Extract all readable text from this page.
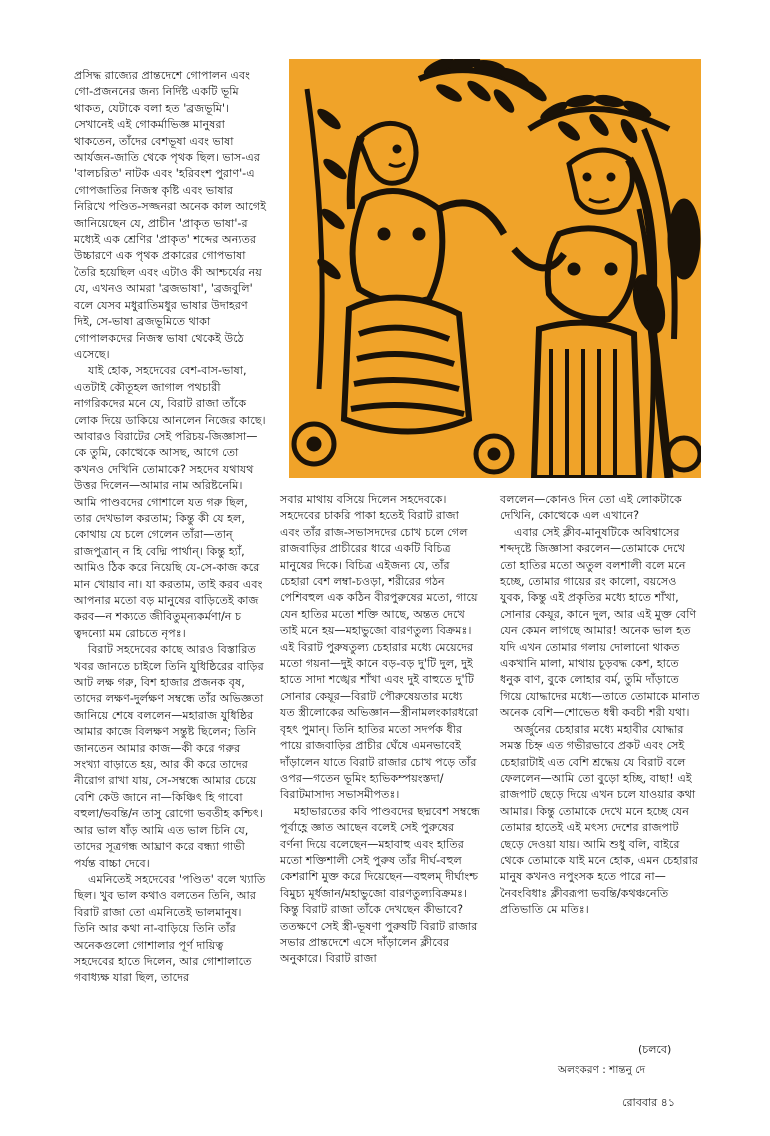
প্রসিদ্ধ রাজ্যের প্রান্তদেশে গোপালন এবং গো-প্রজননের জন্য নির্দিষ্ট একটি ভূমি থাকত, যেটাকে বলা হত 'ব্রজভূমি'। সেখানেই এই গোকর্মাভিজ্ঞ মানুষরা থাকতেন, তাঁদের বেশভূষা এবং ভাষা আর্যজন-জাতি থেকে পৃথক ছিল। ভাস-এর 'বালচরিত' নাটক এবং 'হরিবংশ পুরাণ'-এ গোপজাতির নিজস্ব কৃষ্টি এবং ভাষার নিরিখে পণ্ডিত-সজ্জনরা অনেক কাল আগেই জানিয়েছেন যে, প্রাচীন 'প্রাকৃত ভাষা'-র মধ্যেই এক শ্রেণির 'প্রাকৃত' শব্দের অন্যতর উচ্চারণে এক পৃথক প্রকারের গোপভাষা তৈরি হয়েছিল এবং এটাও কী আশ্চর্যের নয় যে, এখনও আমরা 'ব্রজভাষা', 'ব্রজবুলি' বলে যেসব মধুরাতিমধুর ভাষার উদাহরণ দিই, সে-ভাষা ব্রজভূমিতে থাকা গোপালকদের নিজস্ব ভাষা থেকেই উঠে এসেছে।

যাই হোক, সহদেবের বেশ-বাস-ভাষা, এতটাই কৌতূহল জাগাল পথচারী নাগরিকদের মনে যে, বিরাট রাজা তাঁকে লোক দিয়ে ডাকিয়ে আনলেন নিজের কাছে। আবারও বিরাটের সেই পরিচয়-জিজ্ঞাসা—কে তুমি, কোত্থেকে আসছ, আগে তো কখনও দেখিনি তোমাকে? সহদেব যথাযথ উত্তর দিলেন—আমার নাম অরিষ্টনেমি। আমি পাণ্ডবদের গোশালে যত গরু ছিল, তার দেখভাল করতাম; কিন্তু কী যে হল, কোথায় যে চলে গেলেন তাঁরা—তান্ রাজপুত্রান্ ন হি বেদ্মি পার্থান্। কিন্তু হ্যাঁ, আমিও ঠিক করে নিয়েছি যে-সে-কাজ করে মান খোয়াব না। যা করতাম, তাই করব এবং আপনার মতো বড় মানুষের বাড়িতেই কাজ করব—ন শক্যতে জীবিতুম্‌ন্যকর্মণা/ন চ ত্বদন্যো মম রোচতে নৃপঃ।

বিরাট সহদেবের কাছে আরও বিস্তারিত খবর জানতে চাইলে তিনি যুধিষ্ঠিরের বাড়ির আট লক্ষ গরু, বিশ হাজার প্রজনক বৃষ, তাদের লক্ষণ-দুর্লক্ষণ সম্বন্ধে তাঁর অভিজ্ঞতা জানিয়ে শেষে বললেন—মহারাজ যুধিষ্ঠির আমার কাজে বিলক্ষণ সন্তুষ্ট ছিলেন; তিনি জানতেন আমার কাজ—কী করে গরুর সংখ্যা বাড়াতে হয়, আর কী করে তাদের নীরোগ রাখা যায়, সে-সম্বন্ধে আমার চেয়ে বেশি কেউ জানে না—কিঞ্চিৎ হি গাবো বহুলা/ভবন্তি/ন তাসু রোগো ভবতীহ কশ্চিৎ। আর ভাল ষাঁড় আমি এত ভাল চিনি যে, তাদের সূত্রগন্ধ আঘ্রাণ করে বন্ধ্যা গাভী পর্যন্ত বাচ্চা দেবে।

এমনিতেই সহদেবের 'পণ্ডিত' বলে খ্যাতি ছিল। খুব ভাল কথাও বলতেন তিনি, আর বিরাট রাজা তো এমনিতেই ভালমানুষ। তিনি আর কথা না-বাড়িয়ে তিনি তাঁর অনেকগুলো গোশালার পূর্ণ দায়িত্ব সহদেবের হাতে দিলেন, আর গোশালাতে গবাধ্যক্ষ যারা ছিল, তাদের

সবার মাথায় বসিয়ে দিলেন সহদেবকে। সহদেবের চাকরি পাকা হতেই বিরাট রাজা এবং তাঁর রাজ-সভাসদদের চোখ চলে গেল রাজবাড়ির প্রাচীরের ধারে একটি বিচিত্র মানুষের দিকে। বিচিত্র এইজন্য যে, তাঁর চেহারা বেশ লম্বা-চওড়া, শরীরের গঠন পেশিবহুল এক কঠিন বীরপুরুষের মতো, গায়ে যেন হাতির মতো শক্তি আছে, অন্তত দেখে তাই মনে হয়—মহাভুজো বারণতুল্য বিক্রমঃ। এই বিরাট পুরুষতুল্য চেহারার মধ্যে মেয়েদের মতো গয়না—দুই কানে বড়-বড় দু'টি দুল, দুই হাতে সাদা শঙ্খের শাঁখা এবং দুই বাহুতে দু'টি সোনার কেয়ূর—বিরাট পৌরুষেয়তার মধ্যে যত স্ত্রীলোকের অভিজ্ঞান—স্ত্রীনামলংকারধরো বৃহৎ পুমান্। তিনি হাতির মতো সদর্পক ধীর পায়ে রাজবাড়ির প্রাচীর ঘেঁষে এমনভাবেই দাঁড়ালেন যাতে বিরাট রাজার চোখ পড়ে তাঁর ওপর—গতেন ভূমিং হ্যভিকম্পয়ংস্তদা/বিরাটমাসাদ্য সভাসমীপতঃ।

মহাভারতের কবি পাণ্ডবদের ছদ্মবেশ সম্বন্ধে পূর্বাহ্ণে জ্ঞাত আছেন বলেই সেই পুরুষের বর্ণনা দিয়ে বলেছেন—মহাবাহু এবং হাতির মতো শক্তিশালী সেই পুরুষ তাঁর দীর্ঘ-বহুল কেশরাশি মুক্ত করে দিয়েছেন—বহুলম্ দীর্ঘাংশ্চ বিমুচ্য মূর্ধজান/মহাভুজো বারণতুল্যবিক্রমঃ। কিন্তু বিরাট রাজা তাঁকে দেখছেন কীভাবে? ততক্ষণে সেই স্ত্রী-ভূষণা পুরুষটি বিরাট রাজার সভার প্রান্তদেশে এসে দাঁড়ালেন ক্লীবের অনুকারে। বিরাট রাজা

বললেন—কোনও দিন তো এই লোকটাকে দেখিনি, কোত্থেকে এল এখানে?

এবার সেই ক্লীব-মানুষটিকে অবিশ্বাসের শব্দদৃষ্টে জিজ্ঞাসা করলেন—তোমাকে দেখে তো হাতির মতো অতুল বলশালী বলে মনে হচ্ছে, তোমার গায়ের রং কালো, বয়সেও যুবক, কিন্তু এই প্রকৃতির মধ্যে হাতে শাঁখা, সোনার কেয়ূর, কানে দুল, আর এই মুক্ত বেণি যেন কেমন লাগছে আমার! অনেক ভাল হত যদি এখন তোমার গলায় দোলানো থাকত একখানি মালা, মাথায় চূড়বদ্ধ কেশ, হাতে ধনুক বাণ, বুকে লোহার বর্ম, তুমি দাঁড়াতে গিয়ে যোদ্ধাদের মধ্যে—তাতে তোমাকে মানাত অনেক বেশি—শোভেত ধন্বী কবচী শরী যথা।

অর্জুনের চেহারার মধ্যে মহাবীর যোদ্ধার সমস্ত চিহ্ন এত গভীরভাবে প্রকট এবং সেই চেহারাটাই এত বেশি শ্রদ্ধেয় যে বিরাট বলে ফেললেন—আমি তো বুড়ো হচ্ছি, বাছা! এই রাজপাট ছেড়ে দিয়ে এখন চলে যাওয়ার কথা আমার। কিন্তু তোমাকে দেখে মনে হচ্ছে যেন তোমার হাতেই এই মৎস্য দেশের রাজপাট ছেড়ে দেওয়া যায়। আমি শুধু বলি, বাইরে থেকে তোমাকে যাই মনে হোক, এমন চেহারার মানুষ কখনও নপুংসক হতে পারে না—নৈবংবিধাঃ ক্লীবরূপা ভবন্তি/কথঞ্চনেতি প্রতিভাতি মে মতিঃ।

(চলবে)
অলংকরণ : শান্তনু দে
রোববার ৪১
